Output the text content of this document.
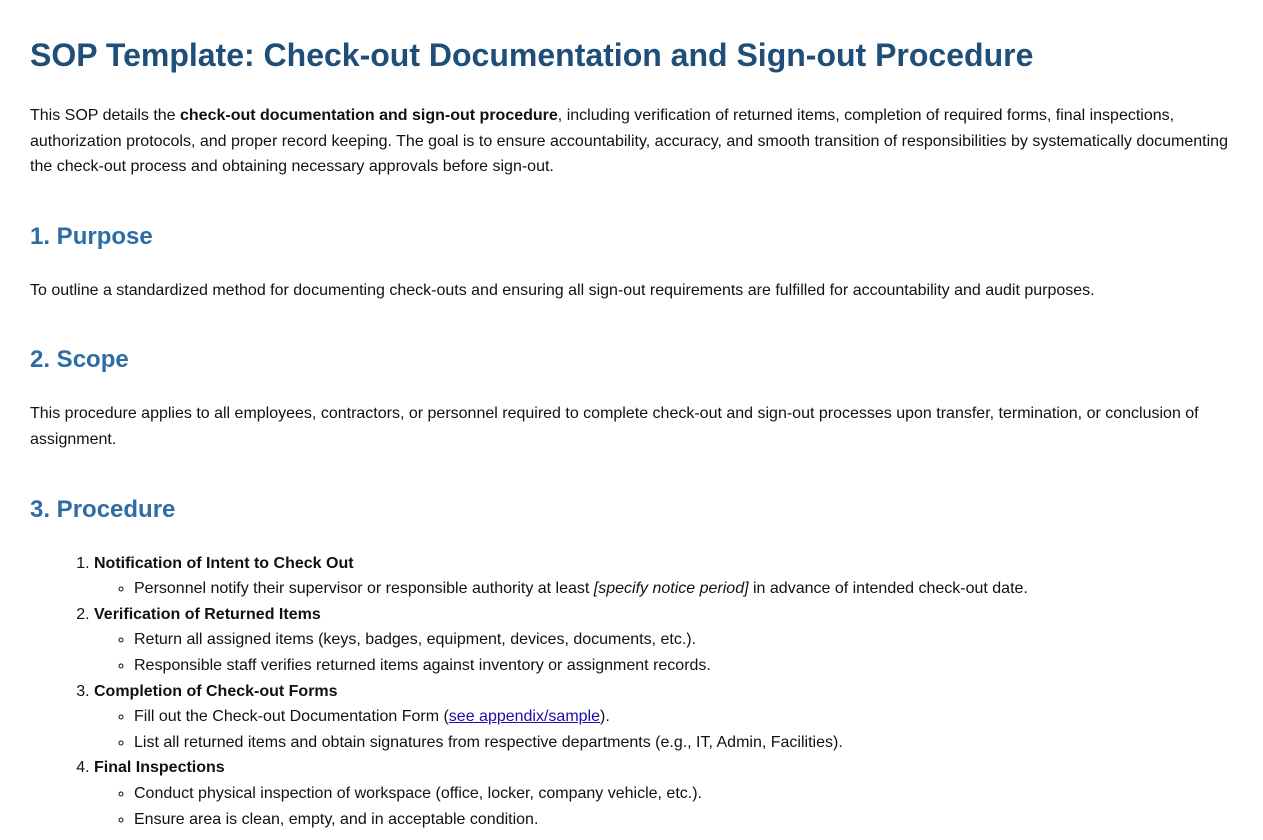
SOP Template: Check-out Documentation and Sign-out Procedure

This SOP details the check-out documentation and sign-out procedure, including verification of returned items, completion of required forms, final inspections, authorization protocols, and proper record keeping. The goal is to ensure accountability, accuracy, and smooth transition of responsibilities by systematically documenting the check-out process and obtaining necessary approvals before sign-out.

1. Purpose

To outline a standardized method for documenting check-outs and ensuring all sign-out requirements are fulfilled for accountability and audit purposes.

2. Scope

This procedure applies to all employees, contractors, or personnel required to complete check-out and sign-out processes upon transfer, termination, or conclusion of assignment.

3. Procedure
1. Notification of Intent to Check Out
◦ Personnel notify their supervisor or responsible authority at least [specify notice period] in advance of intended check-out date.
2. Verification of Returned Items
◦ Return all assigned items (keys, badges, equipment, devices, documents, etc.).
◦ Responsible staff verifies returned items against inventory or assignment records.
3. Completion of Check-out Forms
◦ Fill out the Check-out Documentation Form (see appendix/sample).
◦ List all returned items and obtain signatures from respective departments (e.g., IT, Admin, Facilities).
4. Final Inspections
◦ Conduct physical inspection of workspace (office, locker, company vehicle, etc.).
◦ Ensure area is clean, empty, and in acceptable condition.
